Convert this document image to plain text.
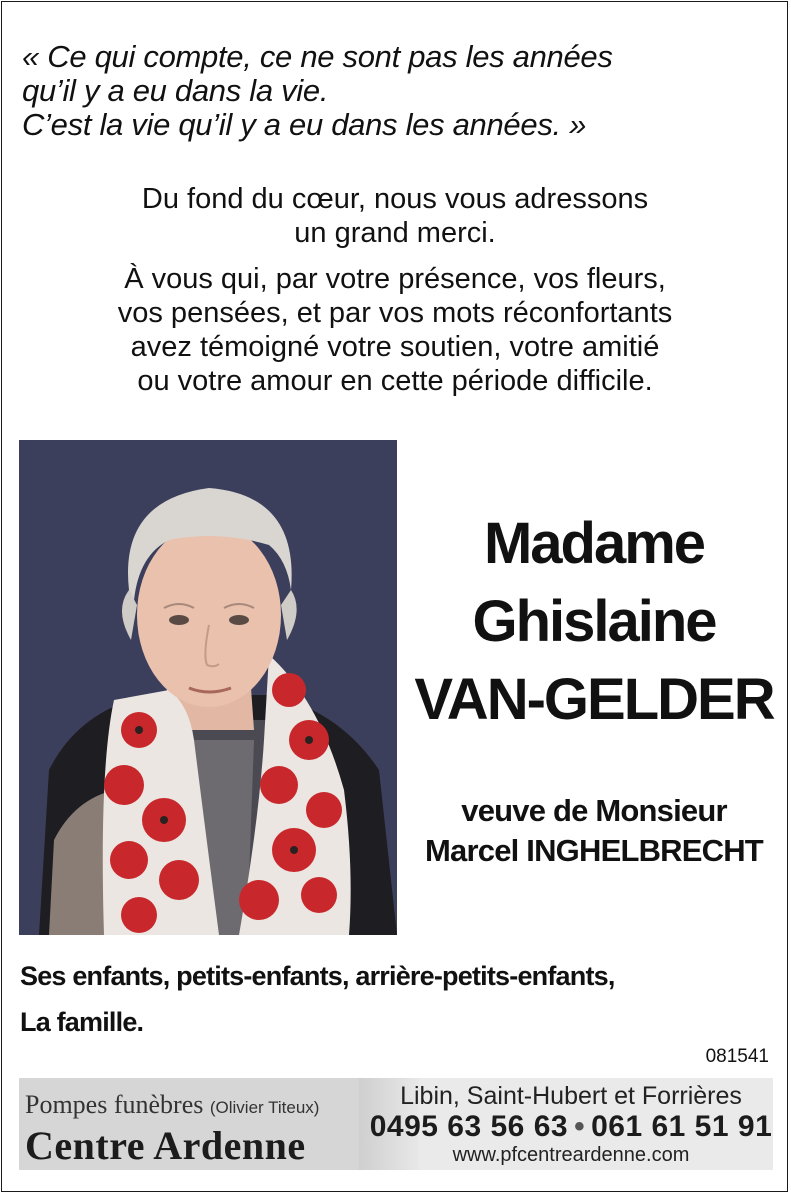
« Ce qui compte, ce ne sont pas les années
qu’il y a eu dans la vie.
C’est la vie qu’il y a eu dans les années. »

Du fond du cœur, nous vous adressons
un grand merci.

À vous qui, par votre présence, vos fleurs,
vos pensées, et par vos mots réconfortants
avez témoigné votre soutien, votre amitié
ou votre amour en cette période difficile.

Madame
Ghislaine
VAN-GELDER
veuve de Monsieur
Marcel INGHELBRECHT
Ses enfants, petits-enfants, arrière-petits-enfants,
La famille.
081541
Pompes funèbres (Olivier Titeux)
Centre Ardenne
Libin, Saint-Hubert et Forrières
0495 63 56 63 • 061 61 51 91
www.pfcentreardenne.com
